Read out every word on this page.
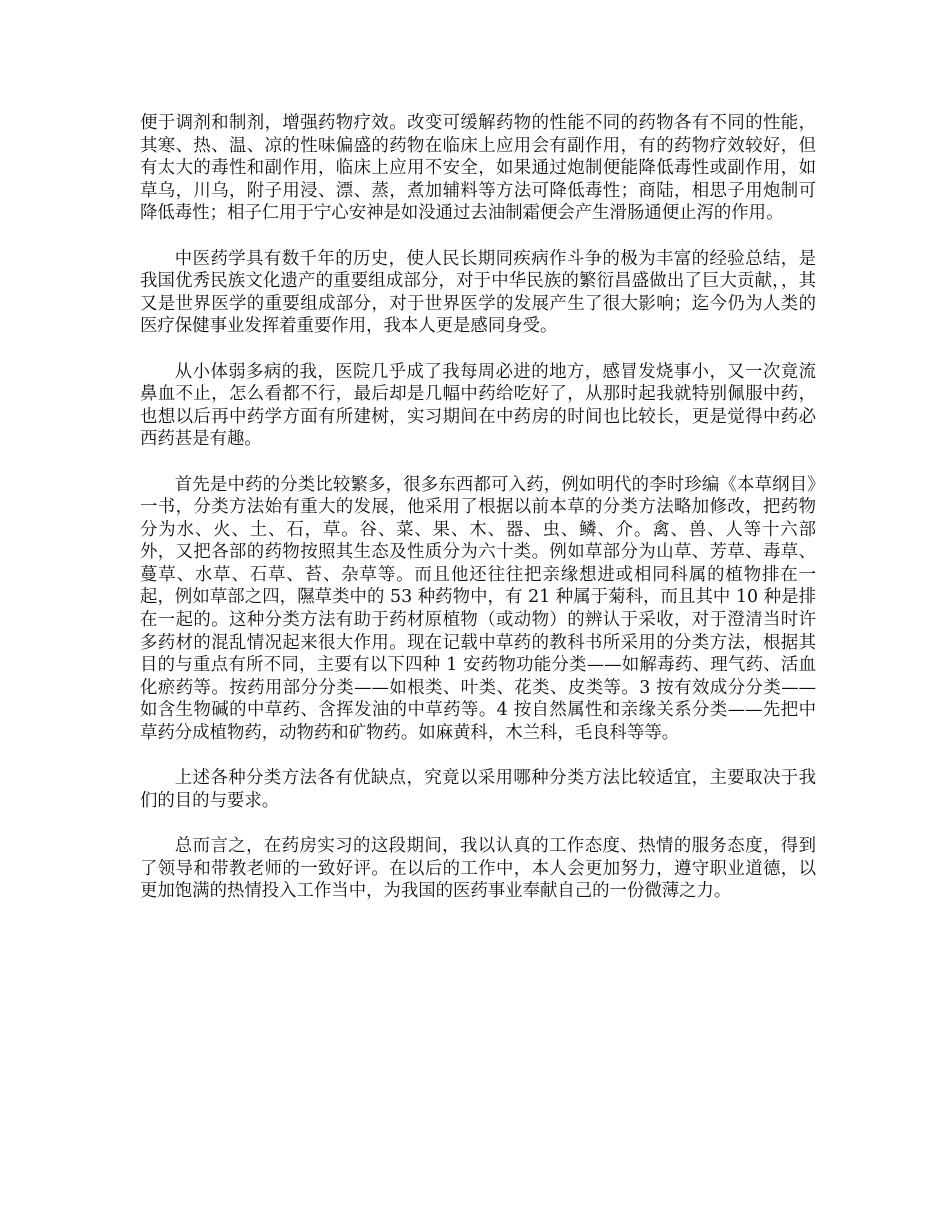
便于调剂和制剂，增强药物疗效。改变可缓解药物的性能不同的药物各有不同的性能，其寒、热、温、凉的性味偏盛的药物在临床上应用会有副作用，有的药物疗效较好，但有太大的毒性和副作用，临床上应用不安全，如果通过炮制便能降低毒性或副作用，如草乌，川乌，附子用浸、漂、蒸，煮加辅料等方法可降低毒性；商陆，相思子用炮制可降低毒性；相子仁用于宁心安神是如没通过去油制霜便会产生滑肠通便止泻的作用。

中医药学具有数千年的历史，使人民长期同疾病作斗争的极为丰富的经验总结，是我国优秀民族文化遗产的重要组成部分，对于中华民族的繁衍昌盛做出了巨大贡献，，其又是世界医学的重要组成部分，对于世界医学的发展产生了很大影响；迄今仍为人类的医疗保健事业发挥着重要作用，我本人更是感同身受。

从小体弱多病的我，医院几乎成了我每周必进的地方，感冒发烧事小，又一次竟流鼻血不止，怎么看都不行，最后却是几幅中药给吃好了，从那时起我就特别佩服中药，也想以后再中药学方面有所建树，实习期间在中药房的时间也比较长，更是觉得中药必西药甚是有趣。

首先是中药的分类比较繁多，很多东西都可入药，例如明代的李时珍编《本草纲目》一书，分类方法始有重大的发展，他采用了根据以前本草的分类方法略加修改，把药物分为水、火、土、石，草。谷、菜、果、木、器、虫、鳞、介。禽、兽、人等十六部外，又把各部的药物按照其生态及性质分为六十类。例如草部分为山草、芳草、毒草、蔓草、水草、石草、苔、杂草等。而且他还往往把亲缘想进或相同科属的植物排在一起，例如草部之四，隰草类中的 53 种药物中，有 21 种属于菊科，而且其中 10 种是排在一起的。这种分类方法有助于药材原植物（或动物）的辨认于采收，对于澄清当时许多药材的混乱情况起来很大作用。现在记载中草药的教科书所采用的分类方法，根据其目的与重点有所不同，主要有以下四种 1 安药物功能分类——如解毒药、理气药、活血化瘀药等。按药用部分分类——如根类、叶类、花类、皮类等。3 按有效成分分类——如含生物碱的中草药、含挥发油的中草药等。4 按自然属性和亲缘关系分类——先把中草药分成植物药，动物药和矿物药。如麻黄科，木兰科，毛良科等等。

上述各种分类方法各有优缺点，究竟以采用哪种分类方法比较适宜，主要取决于我们的目的与要求。

总而言之，在药房实习的这段期间，我以认真的工作态度、热情的服务态度，得到了领导和带教老师的一致好评。在以后的工作中，本人会更加努力，遵守职业道德，以更加饱满的热情投入工作当中，为我国的医药事业奉献自己的一份微薄之力。
